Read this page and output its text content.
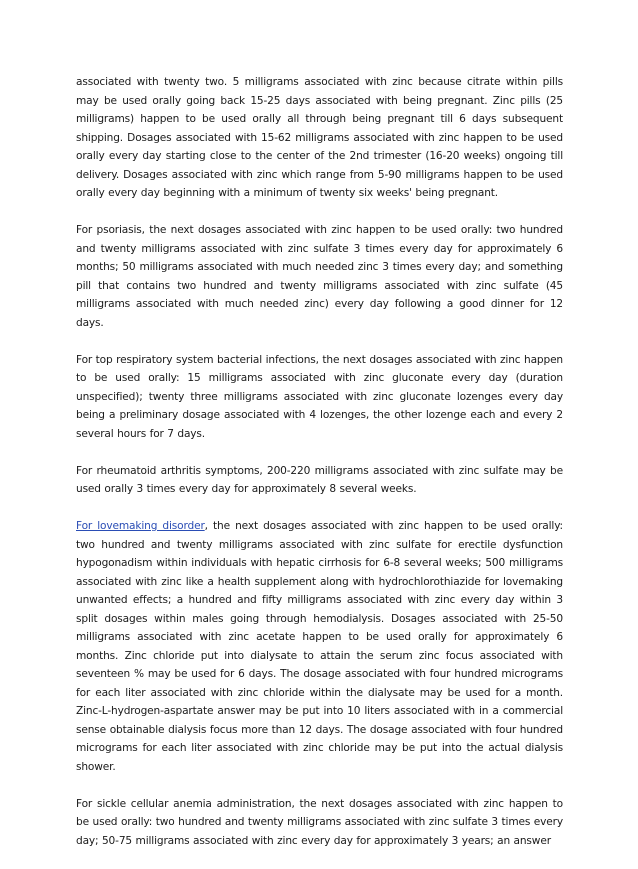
associated with twenty two. 5 milligrams associated with zinc because citrate within pills may be used orally going back 15-25 days associated with being pregnant. Zinc pills (25 milligrams) happen to be used orally all through being pregnant till 6 days subsequent shipping. Dosages associated with 15-62 milligrams associated with zinc happen to be used orally every day starting close to the center of the 2nd trimester (16-20 weeks) ongoing till delivery. Dosages associated with zinc which range from 5-90 milligrams happen to be used orally every day beginning with a minimum of twenty six weeks' being pregnant.

For psoriasis, the next dosages associated with zinc happen to be used orally: two hundred and twenty milligrams associated with zinc sulfate 3 times every day for approximately 6 months; 50 milligrams associated with much needed zinc 3 times every day; and something pill that contains two hundred and twenty milligrams associated with zinc sulfate (45 milligrams associated with much needed zinc) every day following a good dinner for 12 days.

For top respiratory system bacterial infections, the next dosages associated with zinc happen to be used orally: 15 milligrams associated with zinc gluconate every day (duration unspecified); twenty three milligrams associated with zinc gluconate lozenges every day being a preliminary dosage associated with 4 lozenges, the other lozenge each and every 2 several hours for 7 days.

For rheumatoid arthritis symptoms, 200-220 milligrams associated with zinc sulfate may be used orally 3 times every day for approximately 8 several weeks.

For lovemaking disorder, the next dosages associated with zinc happen to be used orally: two hundred and twenty milligrams associated with zinc sulfate for erectile dysfunction hypogonadism within individuals with hepatic cirrhosis for 6-8 several weeks; 500 milligrams associated with zinc like a health supplement along with hydrochlorothiazide for lovemaking unwanted effects; a hundred and fifty milligrams associated with zinc every day within 3 split dosages within males going through hemodialysis. Dosages associated with 25-50 milligrams associated with zinc acetate happen to be used orally for approximately 6 months. Zinc chloride put into dialysate to attain the serum zinc focus associated with seventeen % may be used for 6 days. The dosage associated with four hundred micrograms for each liter associated with zinc chloride within the dialysate may be used for a month. Zinc-L-hydrogen-aspartate answer may be put into 10 liters associated with in a commercial sense obtainable dialysis focus more than 12 days. The dosage associated with four hundred micrograms for each liter associated with zinc chloride may be put into the actual dialysis shower.

For sickle cellular anemia administration, the next dosages associated with zinc happen to be used orally: two hundred and twenty milligrams associated with zinc sulfate 3 times every day; 50-75 milligrams associated with zinc every day for approximately 3 years; an answer
